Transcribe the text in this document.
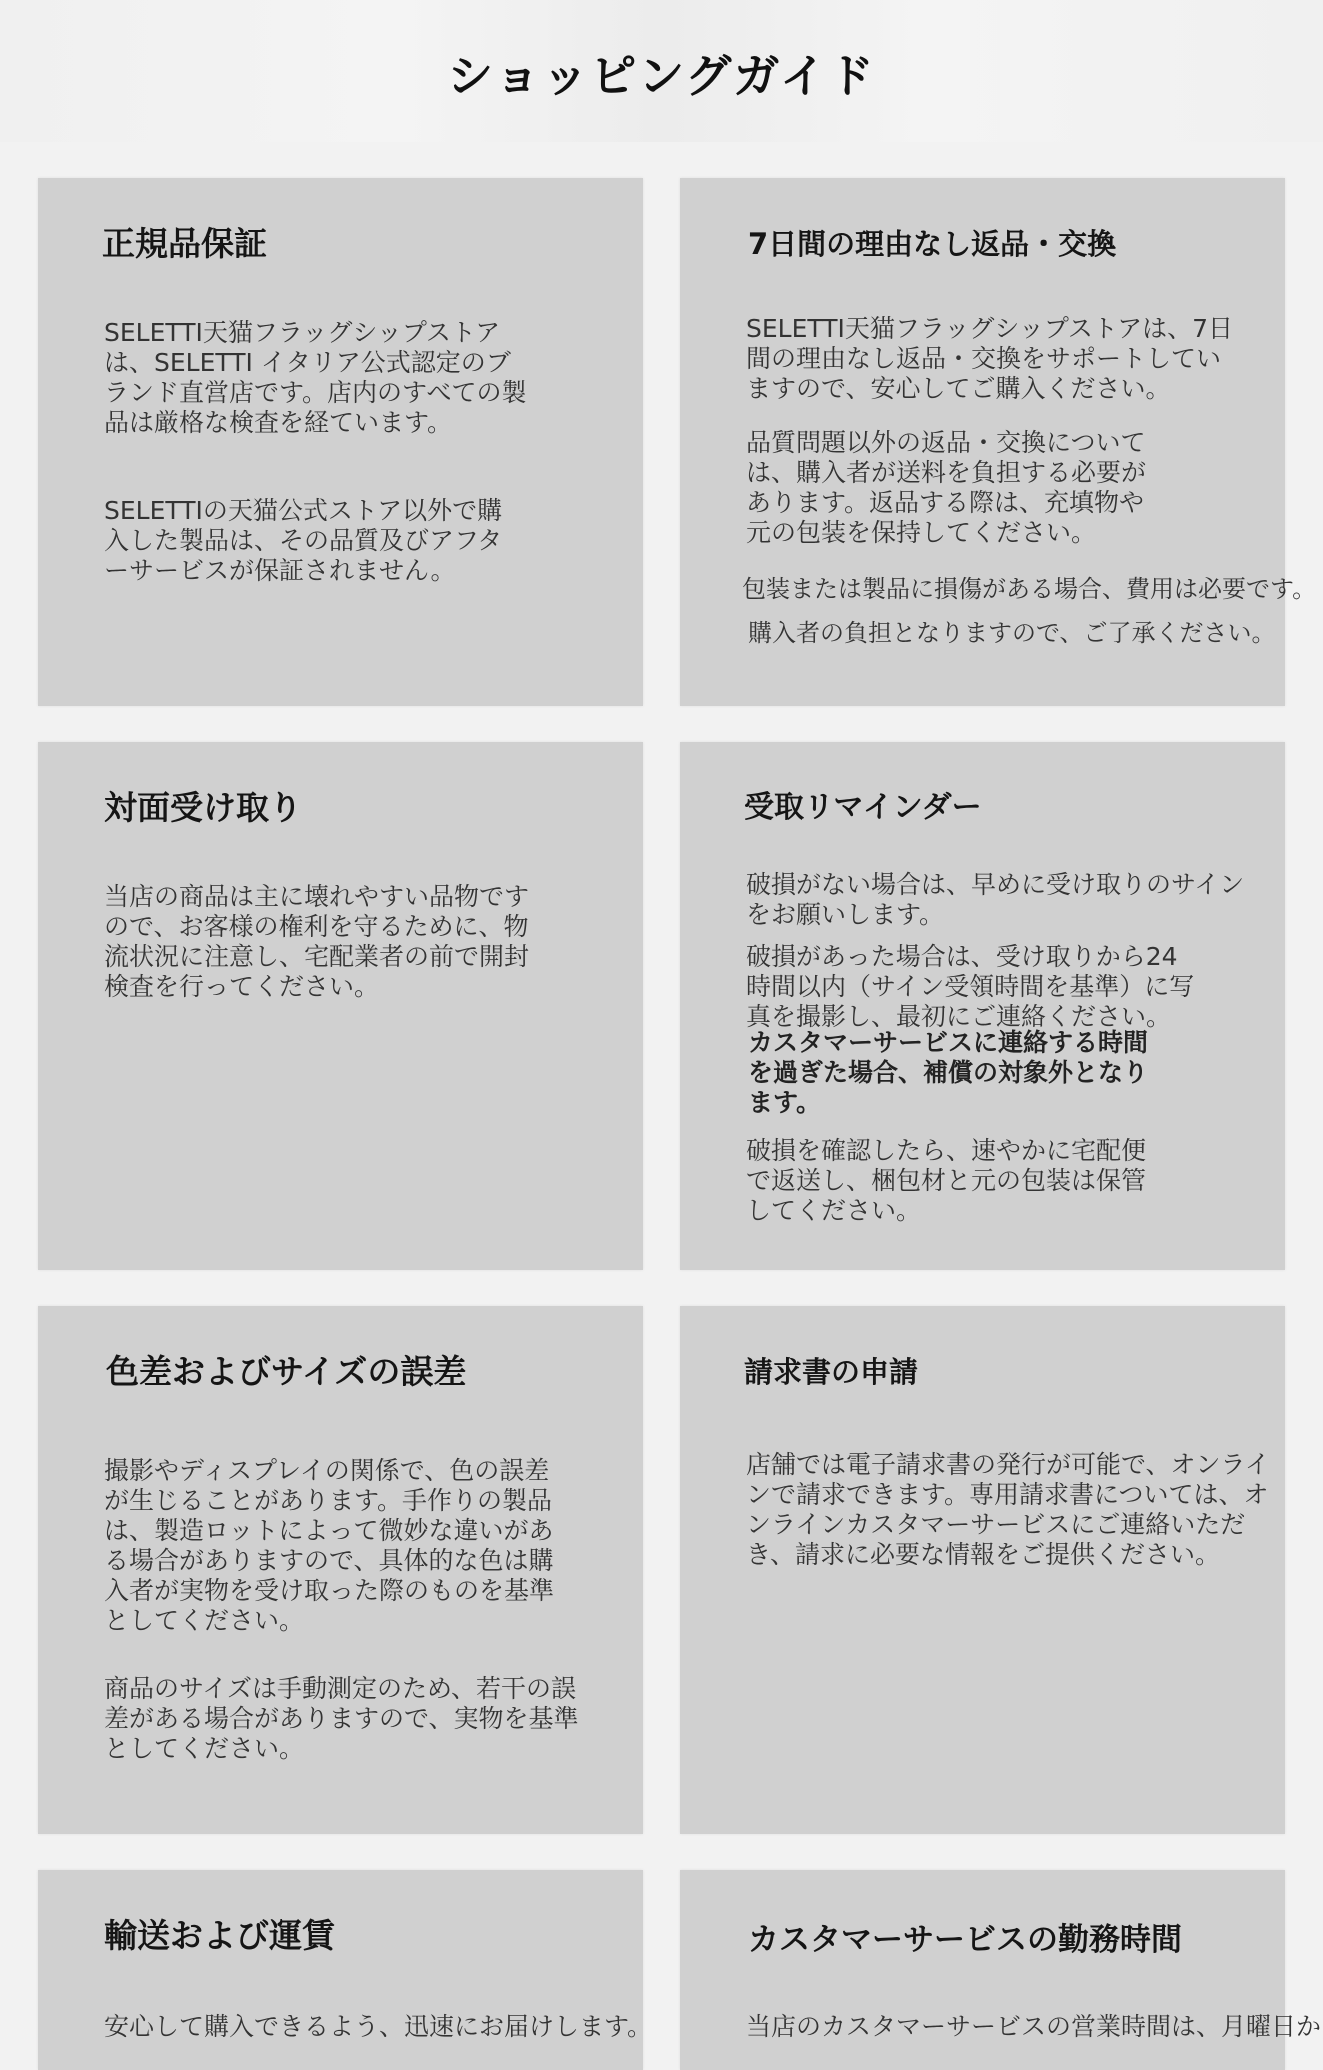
ショッピングガイド
正規品保証

SELETTI天猫フラッグシップストアは、SELETTI イタリア公式認定のブランド直営店です。店内のすべての製品は厳格な検査を経ています。

SELETTIの天猫公式ストア以外で購入した製品は、その品質及びアフターサービスが保証されません。

7日間の理由なし返品・交換

SELETTI天猫フラッグシップストアは、7日間の理由なし返品・交換をサポートしていますので、安心してご購入ください。

品質問題以外の返品・交換については、購入者が送料を負担する必要があります。返品する際は、充填物や元の包装を保持してください。

包装または製品に損傷がある場合、費用は必要です。

購入者の負担となりますので、ご了承ください。

対面受け取り

当店の商品は主に壊れやすい品物ですので、お客様の権利を守るために、物流状況に注意し、宅配業者の前で開封検査を行ってください。

受取リマインダー

破損がない場合は、早めに受け取りのサインをお願いします。

破損があった場合は、受け取りから24時間以内（サイン受領時間を基準）に写真を撮影し、最初にご連絡ください。

カスタマーサービスに連絡する時間を過ぎた場合、補償の対象外となります。

破損を確認したら、速やかに宅配便で返送し、梱包材と元の包装は保管してください。

色差およびサイズの誤差

撮影やディスプレイの関係で、色の誤差が生じることがあります。手作りの製品は、製造ロットによって微妙な違いがある場合がありますので、具体的な色は購入者が実物を受け取った際のものを基準としてください。

商品のサイズは手動測定のため、若干の誤差がある場合がありますので、実物を基準としてください。

請求書の申請

店舗では電子請求書の発行が可能で、オンラインで請求できます。専用請求書については、オンラインカスタマーサービスにご連絡いただき、請求に必要な情報をご提供ください。

輸送および運賃

安心して購入できるよう、迅速にお届けします。

カスタマーサービスの勤務時間

当店のカスタマーサービスの営業時間は、月曜日か
